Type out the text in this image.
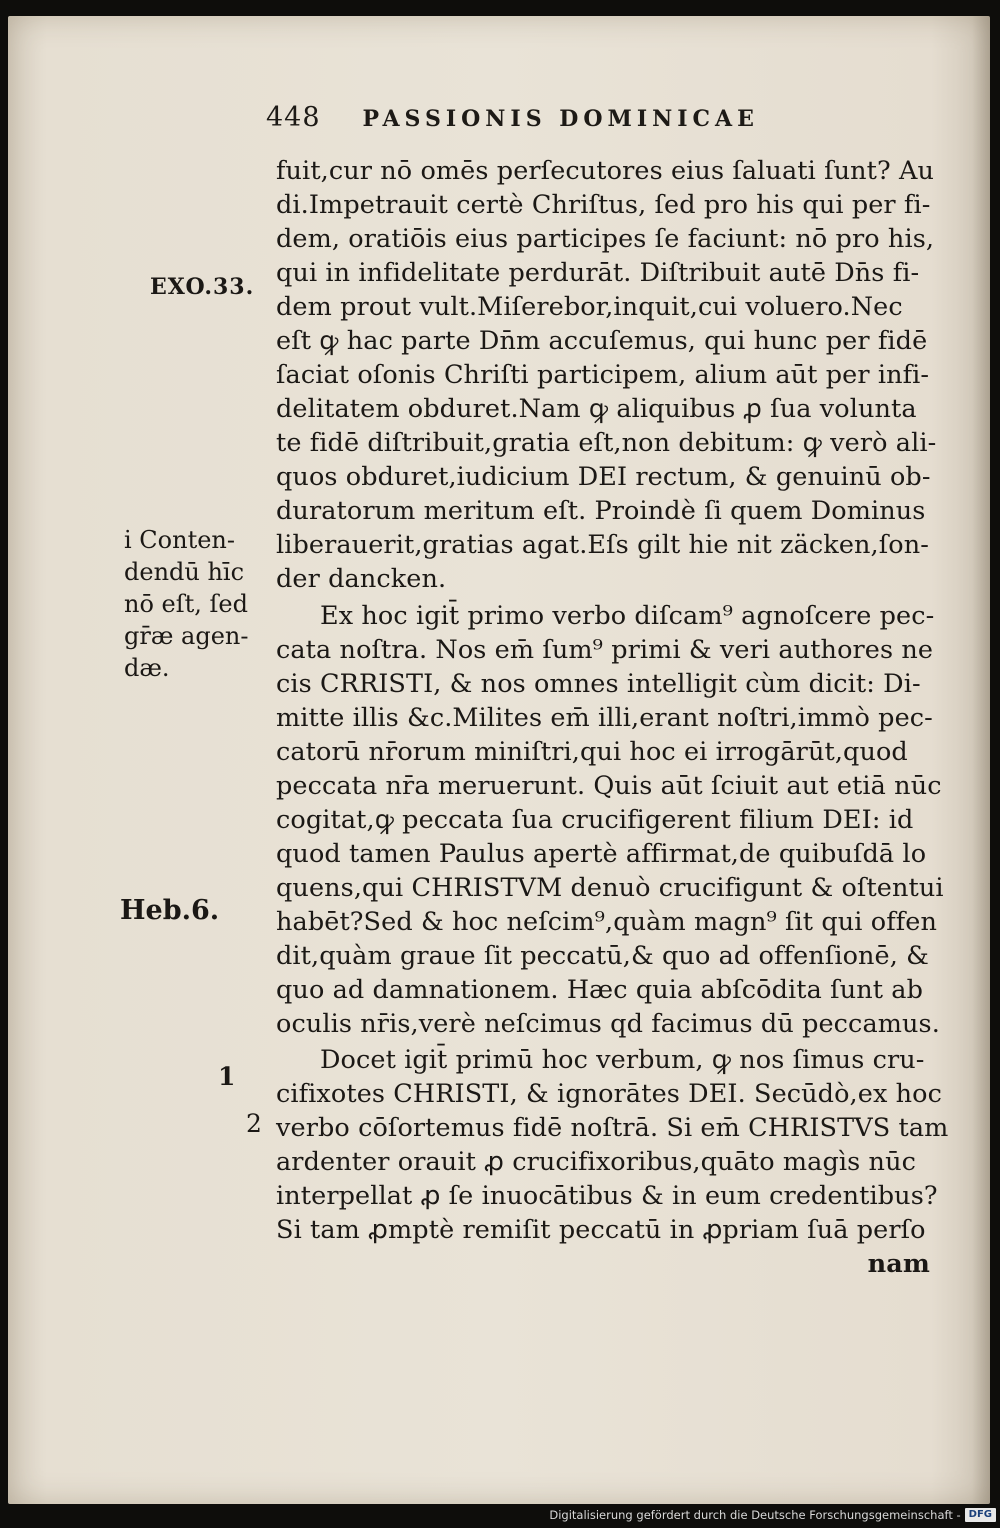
448 PASSIONIS DOMINICAE
fuit,cur nō omēs perſecutores eius ſaluati ſunt? Au
di.Impetrauit certè Chriſtus, ſed pro his qui per fi-
dem, oratiōis eius participes ſe faciunt: nō pro his,
qui in infidelitate perdurāt. Diſtribuit autē Dn̄s fi-
dem prout vult.Miſerebor,inquit,cui voluero.Nec
eſt ꝙ hac parte Dn̄m accuſemus, qui hunc per fidē
ſaciat oſonis Chriſti participem, alium aūt per infi-
delitatem obduret.Nam ꝙ aliquibus ꝓ ſua volunta
te fidē diſtribuit,gratia eſt,non debitum: ꝙ verò ali-
quos obduret,iudicium DEI rectum, & genuinū ob-
duratorum meritum eſt. Proindè ſi quem Dominus
liberauerit,gratias agat.Eſs gilt hie nit zäcken,ſon-
der dancken.
Ex hoc igit̄ primo verbo diſcam⁹ agnoſcere pec-
cata noſtra. Nos em̄ ſum⁹ primi & veri authores ne
cis CRRISTI, & nos omnes intelligit cùm dicit: Di-
mitte illis &c.Milites em̄ illi,erant noſtri,immò pec-
catorū nr̄orum miniſtri,qui hoc ei irrogārūt,quod
peccata nr̄a meruerunt. Quis aūt ſciuit aut etiā nūc
cogitat,ꝙ peccata ſua crucifigerent filium DEI: id
quod tamen Paulus apertè affirmat,de quibuſdā lo
quens,qui CHRISTVM denuò crucifigunt & oſtentui
habēt?Sed & hoc neſcim⁹,quàm magn⁹ ſit qui offen
dit,quàm graue ſit peccatū,& quo ad offenſionē, &
quo ad damnationem. Hæc quia abſcōdita ſunt ab
oculis nr̄is,verè neſcimus qd facimus dū peccamus.
Docet igit̄ primū hoc verbum, ꝙ nos ſimus cru-
cifixotes CHRISTI, & ignorātes DEI. Secūdò,ex hoc
verbo cōſortemus fidē noſtrā. Si em̄ CHRISTVS tam
ardenter orauit ꝓ crucifixoribus,quāto magìs nūc
interpellat ꝓ ſe inuocātibus & in eum credentibus?
Si tam ꝓmptè remiſit peccatū in ꝓpriam ſuā perſo
nam
EXO.33.
Heb.6.
1
2
i Conten-
dendū hīc
nō eſt, ſed
gr̄æ agen-
dæ.
Digitalisierung gefördert durch die Deutsche Forschungsgemeinschaft - DFG
